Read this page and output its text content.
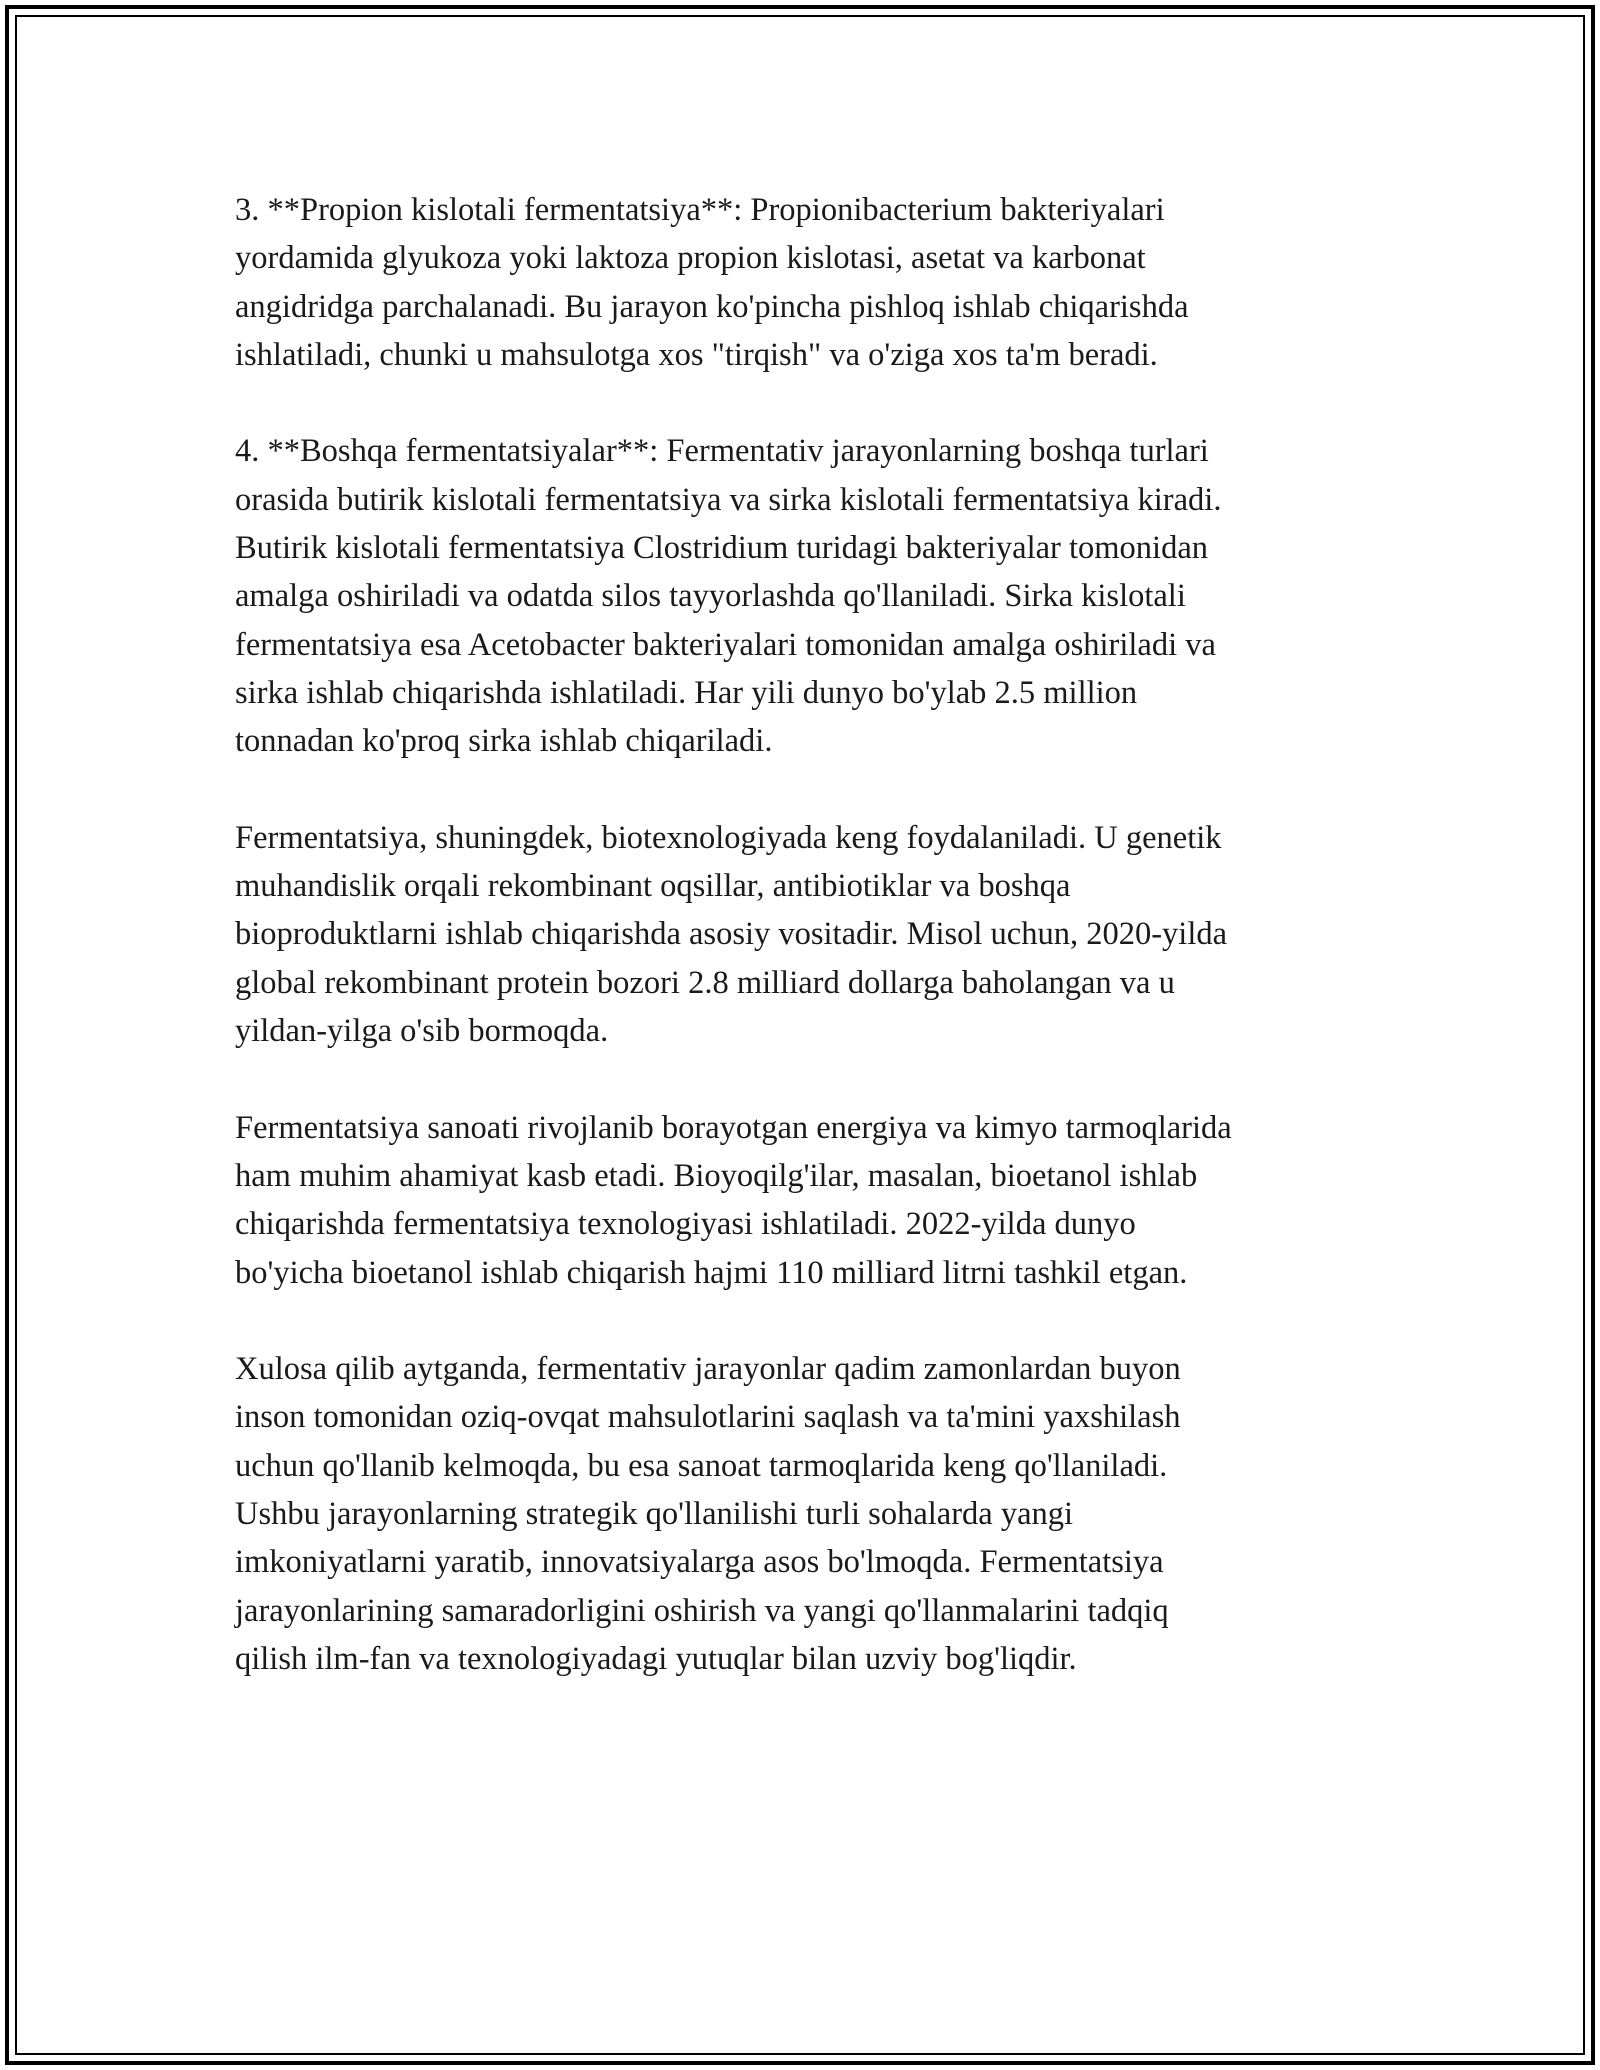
3. **Propion kislotali fermentatsiya**: Propionibacterium bakteriyalari
yordamida glyukoza yoki laktoza propion kislotasi, asetat va karbonat
angidridga parchalanadi. Bu jarayon ko'pincha pishloq ishlab chiqarishda
ishlatiladi, chunki u mahsulotga xos "tirqish" va o'ziga xos ta'm beradi.

4. **Boshqa fermentatsiyalar**: Fermentativ jarayonlarning boshqa turlari
orasida butirik kislotali fermentatsiya va sirka kislotali fermentatsiya kiradi.
Butirik kislotali fermentatsiya Clostridium turidagi bakteriyalar tomonidan
amalga oshiriladi va odatda silos tayyorlashda qo'llaniladi. Sirka kislotali
fermentatsiya esa Acetobacter bakteriyalari tomonidan amalga oshiriladi va
sirka ishlab chiqarishda ishlatiladi. Har yili dunyo bo'ylab 2.5 million
tonnadan ko'proq sirka ishlab chiqariladi.

Fermentatsiya, shuningdek, biotexnologiyada keng foydalaniladi. U genetik
muhandislik orqali rekombinant oqsillar, antibiotiklar va boshqa
bioproduktlarni ishlab chiqarishda asosiy vositadir. Misol uchun, 2020-yilda
global rekombinant protein bozori 2.8 milliard dollarga baholangan va u
yildan-yilga o'sib bormoqda.

Fermentatsiya sanoati rivojlanib borayotgan energiya va kimyo tarmoqlarida
ham muhim ahamiyat kasb etadi. Bioyoqilg'ilar, masalan, bioetanol ishlab
chiqarishda fermentatsiya texnologiyasi ishlatiladi. 2022-yilda dunyo
bo'yicha bioetanol ishlab chiqarish hajmi 110 milliard litrni tashkil etgan.

Xulosa qilib aytganda, fermentativ jarayonlar qadim zamonlardan buyon
inson tomonidan oziq-ovqat mahsulotlarini saqlash va ta'mini yaxshilash
uchun qo'llanib kelmoqda, bu esa sanoat tarmoqlarida keng qo'llaniladi.
Ushbu jarayonlarning strategik qo'llanilishi turli sohalarda yangi
imkoniyatlarni yaratib, innovatsiyalarga asos bo'lmoqda. Fermentatsiya
jarayonlarining samaradorligini oshirish va yangi qo'llanmalarini tadqiq
qilish ilm-fan va texnologiyadagi yutuqlar bilan uzviy bog'liqdir.
